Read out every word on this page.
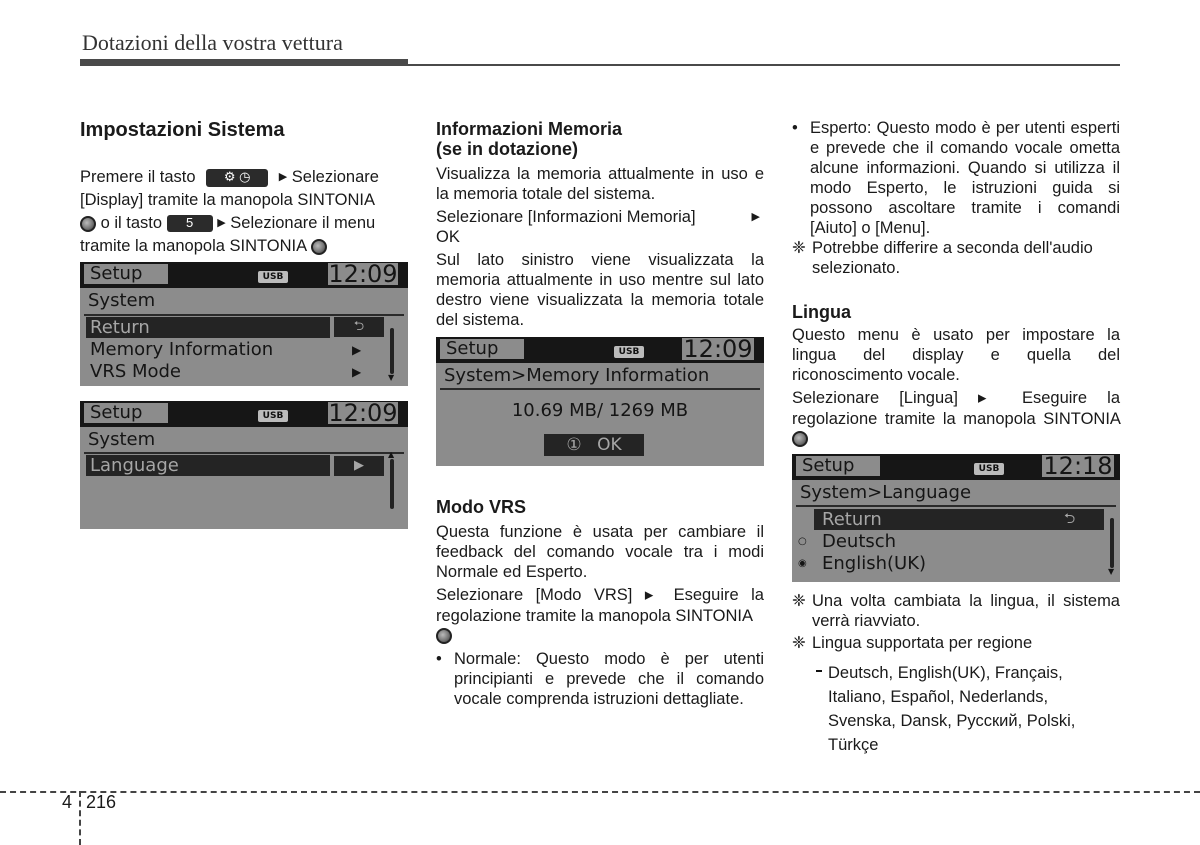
Dotazioni della vostra vettura
Impostazioni Sistema

Premere il tasto ⚙ ◷	▶ Selezionare
[Display] tramite la manopola SINTONIA
o il tasto 5 ▶ Selezionare il menu
tramite la manopola SINTONIA

Setup	USB 12:09
System
Return	⮌
Memory Information	▶
VRS Mode	▶	▼
Setup	USB 12:09
System
Language	▶
▲
Informazioni Memoria
(se in dotazione)

Visualizza la memoria attualmente in uso e la memoria totale del sistema.

Selezionare [Informazioni Memoria]	▶

OK

Sul lato sinistro viene visualizzata la memoria attualmente in uso mentre sul lato destro viene visualizzata la memoria totale del sistema.

Setup	USB 12:09
System>Memory Information
10.69 MB/ 1269 MB
① OK
Modo VRS

Questa funzione è usata per cambiare il feedback del comando vocale tra i modi Normale ed Esperto.

Selezionare [Modo VRS] ▶ Eseguire la regolazione tramite la manopola SINTONIA

• Normale: Questo modo è per utenti principianti e prevede che il comando vocale comprenda istruzioni dettagliate.

• Esperto: Questo modo è per utenti esperti e prevede che il comando vocale ometta alcune informazioni. Quando si utilizza il modo Esperto, le istruzioni guida si possono ascoltare tramite i comandi [Aiuto] o [Menu].

❈ Potrebbe differire a seconda dell'audio selezionato.

Lingua

Questo menu è usato per impostare la lingua del display e quella del riconoscimento vocale.

Selezionare [Lingua] ▶ Eseguire la regolazione tramite la manopola SINTONIA

Setup	USB 12:18
System>Language
Return	⮌
○ Deutsch
◉ English(UK)	▼

❈ Una volta cambiata la lingua, il sistema verrà riavviato.

❈ Lingua supportata per regione

Deutsch, English(UK), Français,
Italiano, Español, Nederlands,
Svenska, Dansk, Русский, Polski,
Türkçe
4 216
